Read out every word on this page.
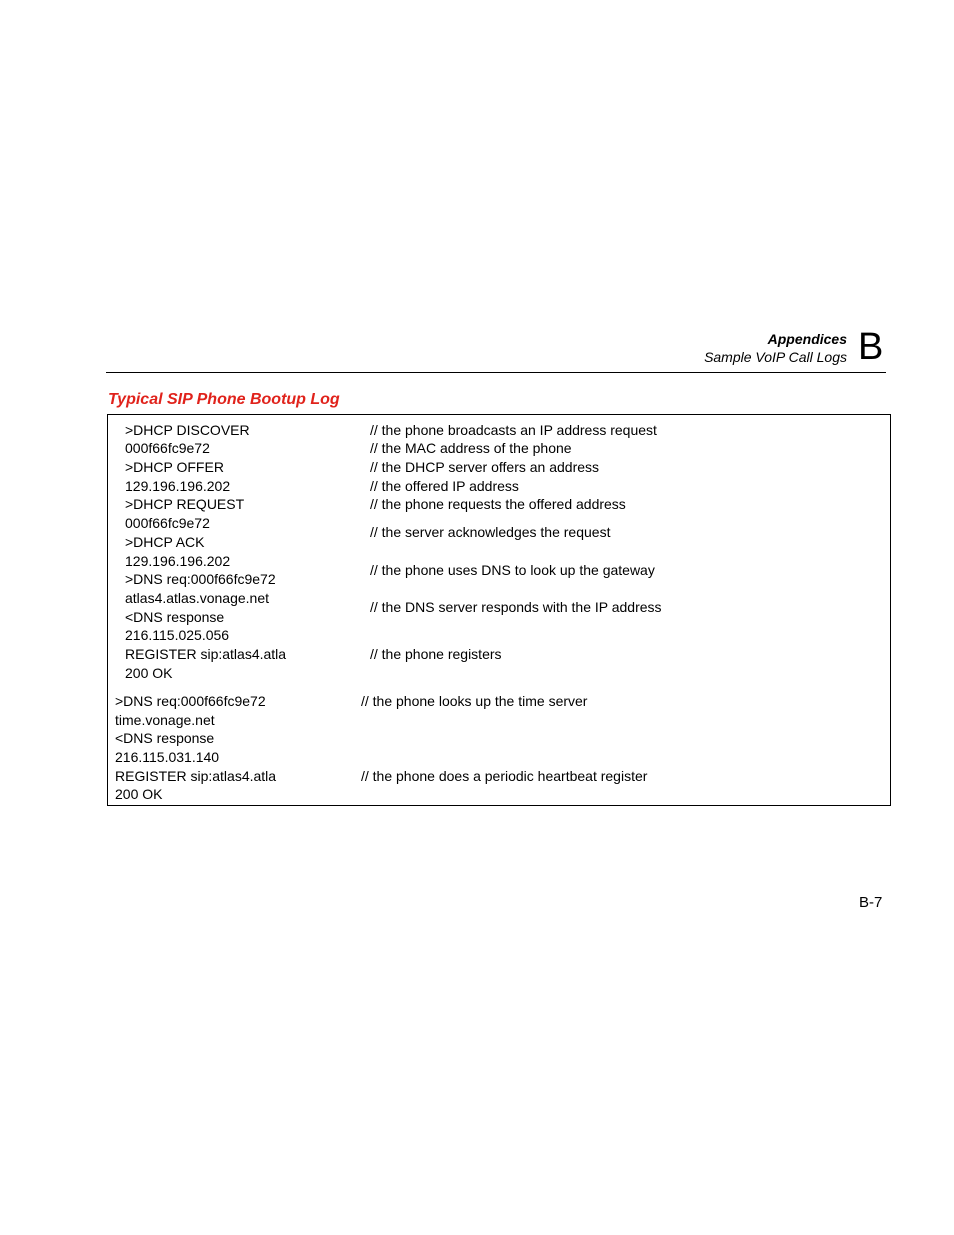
Appendices
Sample VoIP Call Logs B
Typical SIP Phone Bootup Log
>DHCP DISCOVER
000f66fc9e72
>DHCP OFFER
129.196.196.202
>DHCP REQUEST
000f66fc9e72
>DHCP ACK
129.196.196.202
>DNS req:000f66fc9e72
atlas4.atlas.vonage.net
<DNS response
216.115.025.056
REGISTER sip:atlas4.atla
200 OK
// the phone broadcasts an IP address request
// the MAC address of the phone
// the DHCP server offers an address
// the offered IP address
// the phone requests the offered address
// the server acknowledges the request
// the phone uses DNS to look up the gateway
// the DNS server responds with the IP address
// the phone registers
>DNS req:000f66fc9e72
time.vonage.net
<DNS response
216.115.031.140
REGISTER sip:atlas4.atla
200 OK
// the phone looks up the time server
// the phone does a periodic heartbeat register
B-7
